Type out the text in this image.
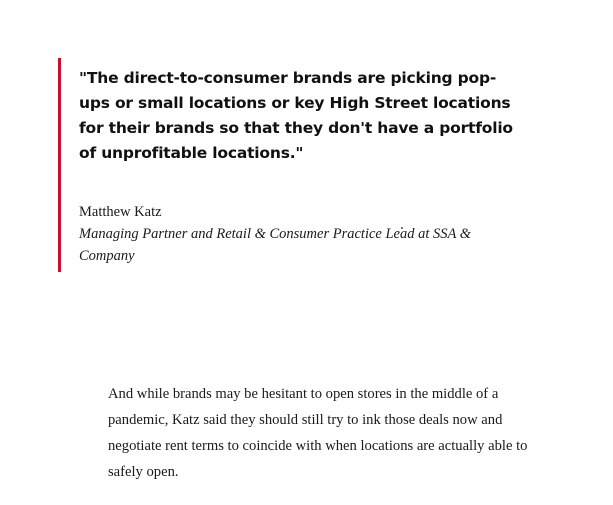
"The direct-to-consumer brands are picking pop-ups or small locations or key High Street locations for their brands so that they don't have a portfolio of unprofitable locations."

Matthew Katz
Managing Partner and Retail & Consumer Practice Lead at SSA & Company

And while brands may be hesitant to open stores in the middle of a pandemic, Katz said they should still try to ink those deals now and negotiate rent terms to coincide with when locations are actually able to safely open.
